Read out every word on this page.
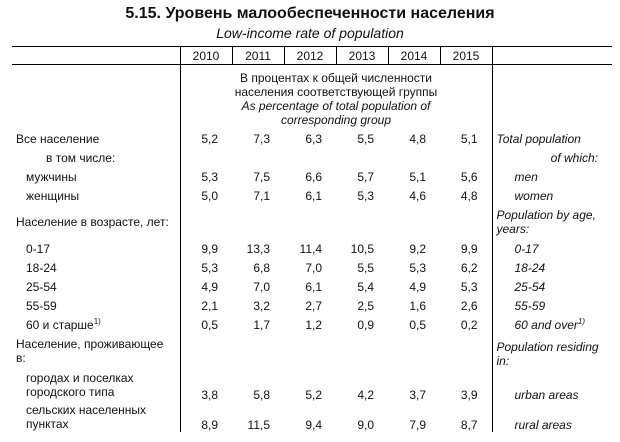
5.15. Уровень малообеспеченности населения
Low-income rate of population
	2010	2011	2012	2013	2014	2015	

	В процентах к общей численности населения соответствующей группы
As percentage of total population of corresponding group						

Все население	5,2	7,3	6,3	5,5	4,8	5,1	Total population
в том числе:							of which:
мужчины	5,3	7,5	6,6	5,7	5,1	5,6	men
женщины	5,0	7,1	6,1	5,3	4,6	4,8	women
Население в возрасте, лет:							Population by age, years:
0-17	9,9	13,3	11,4	10,5	9,2	9,9	0-17
18-24	5,3	6,8	7,0	5,5	5,3	6,2	18-24
25-54	4,9	7,0	6,1	5,4	4,9	5,3	25-54
55-59	2,1	3,2	2,7	2,5	1,6	2,6	55-59
60 и старше$^{1)}$	0,5	1,7	1,2	0,9	0,5	0,2	60 and over$^{1)}$
Население, проживающее в:							Population residing in:
городах и поселках городского типа	3,8	5,8	5,2	4,2	3,7	3,9	urban areas
сельских населенных пунктах	8,9	11,5	9,4	9,0	7,9	8,7	rural areas
